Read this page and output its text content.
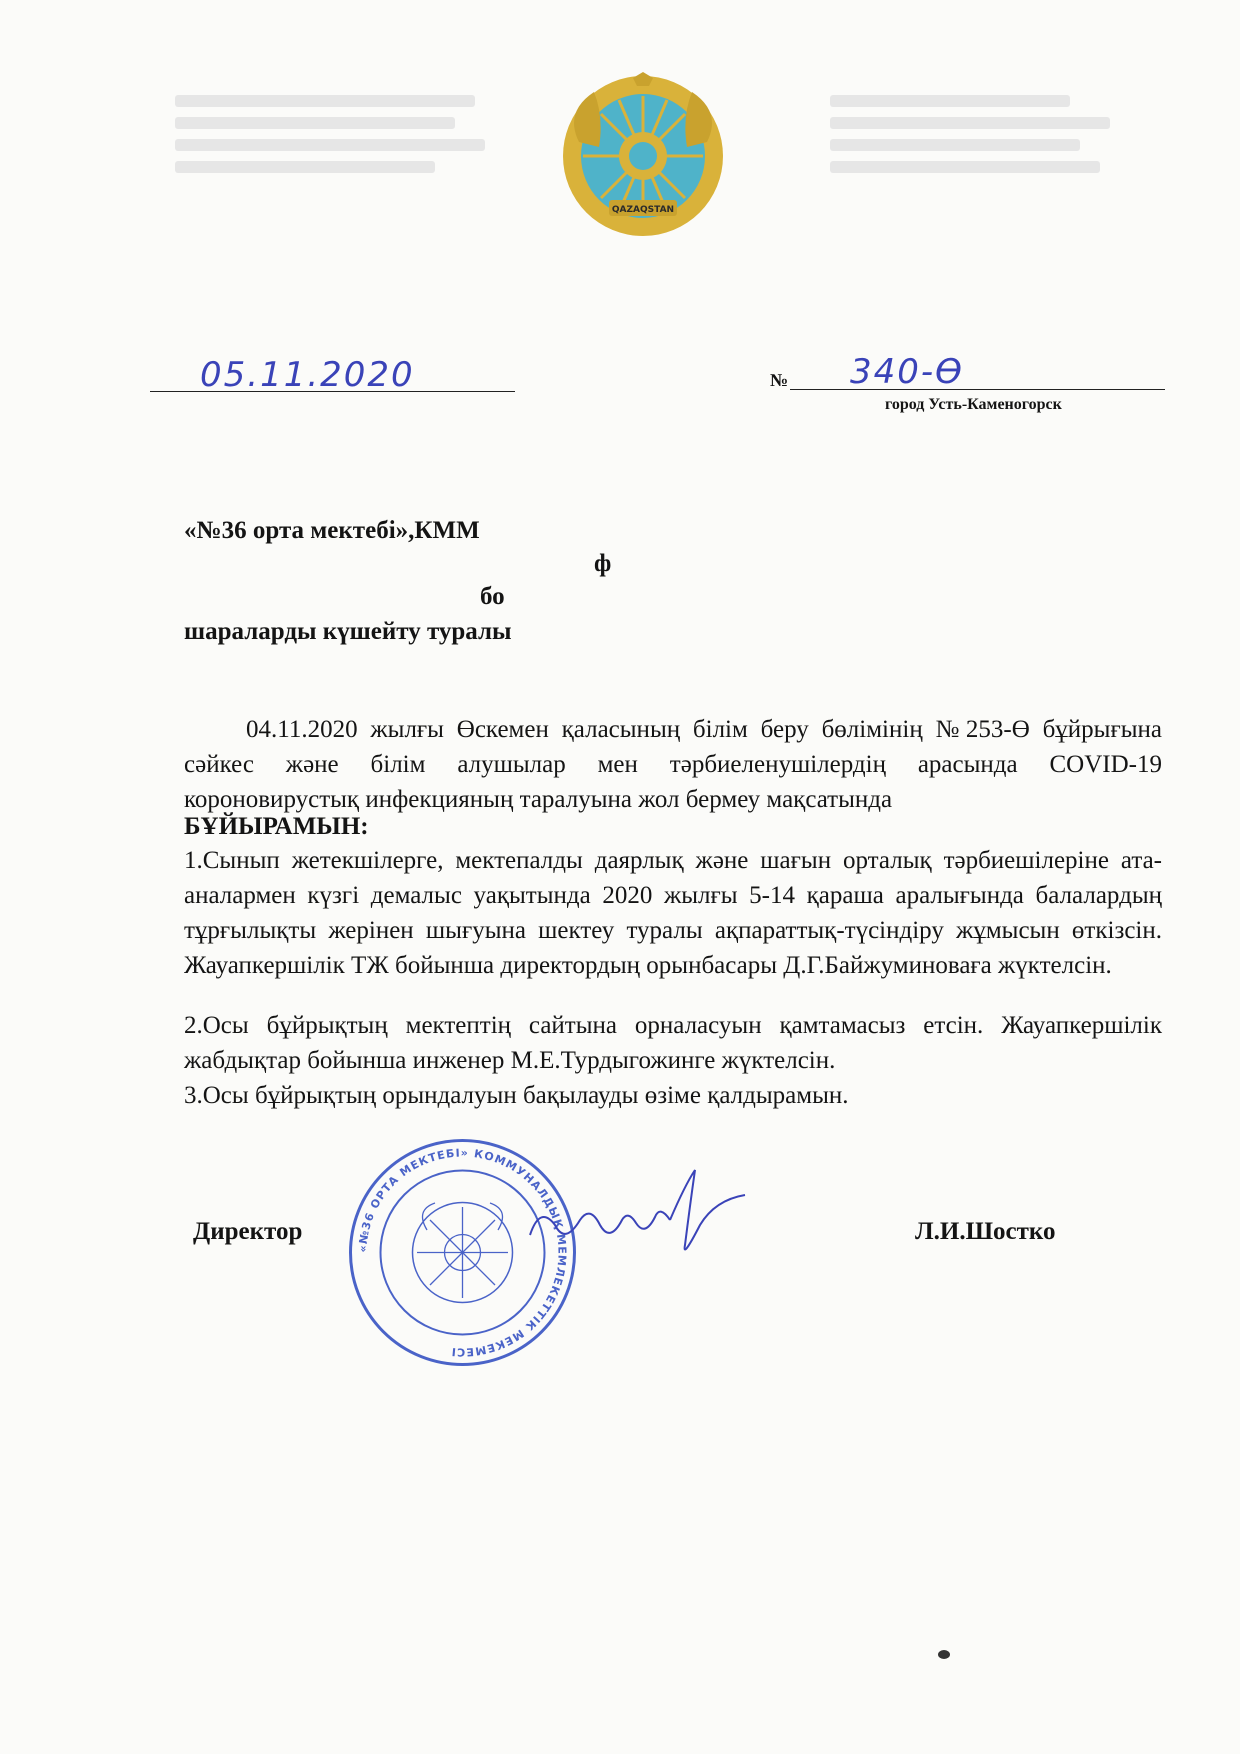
QAZAQSTAN
05.11.2020	№ 340-Ө
город Усть-Каменогорск
«№36 орта мектебі»,КММ
ф
бо
шараларды күшейту туралы
04.11.2020 жылғы Өскемен қаласының білім беру бөлімінің №253-Ө бұйрығына сәйкес және білім алушылар мен тәрбиеленушілердің арасында COVID-19 короновирустық инфекцияның таралуына жол бермеу мақсатында
БҰЙЫРАМЫН:
1.Сынып жетекшілерге, мектепалды даярлық және шағын орталық тәрбиешілеріне ата-аналармен күзгі демалыс уақытында 2020 жылғы 5-14 қараша аралығында балалардың тұрғылықты жерінен шығуына шектеу туралы ақпараттық-түсіндіру жұмысын өткізсін. Жауапкершілік ТЖ бойынша директордың орынбасары Д.Г.Байжуминоваға жүктелсін.
2.Осы бұйрықтың мектептің сайтына орналасуын қамтамасыз етсін. Жауапкершілік жабдықтар бойынша инженер М.Е.Турдыгожинге жүктелсін.
3.Осы бұйрықтың орындалуын бақылауды өзіме қалдырамын.
Директор
«№36 ОРТА МЕКТЕБІ» КОММУНАЛДЫҚ МЕМЛЕКЕТТІК МЕКЕМЕСІ
Л.И.Шостко
